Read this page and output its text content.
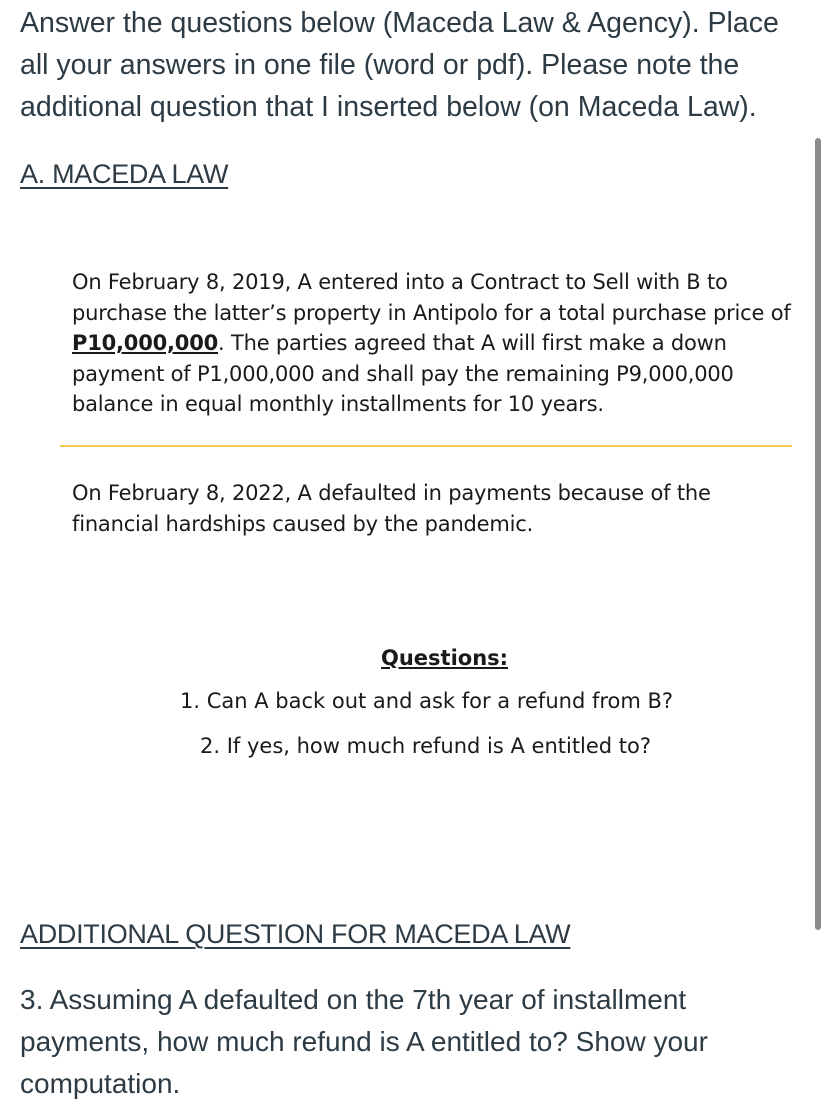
Answer the questions below (Maceda Law & Agency). Place all your answers in one file (word or pdf). Please note the additional question that I inserted below (on Maceda Law).

A. MACEDA LAW

On February 8, 2019, A entered into a Contract to Sell with B to purchase the latter’s property in Antipolo for a total purchase price of P10,000,000. The parties agreed that A will first make a down payment of P1,000,000 and shall pay the remaining P9,000,000 balance in equal monthly installments for 10 years.

On February 8, 2022, A defaulted in payments because of the financial hardships caused by the pandemic.

Questions:

1. Can A back out and ask for a refund from B?
2. If yes, how much refund is A entitled to?
ADDITIONAL QUESTION FOR MACEDA LAW

3. Assuming A defaulted on the 7th year of installment payments, how much refund is A entitled to? Show your computation.
